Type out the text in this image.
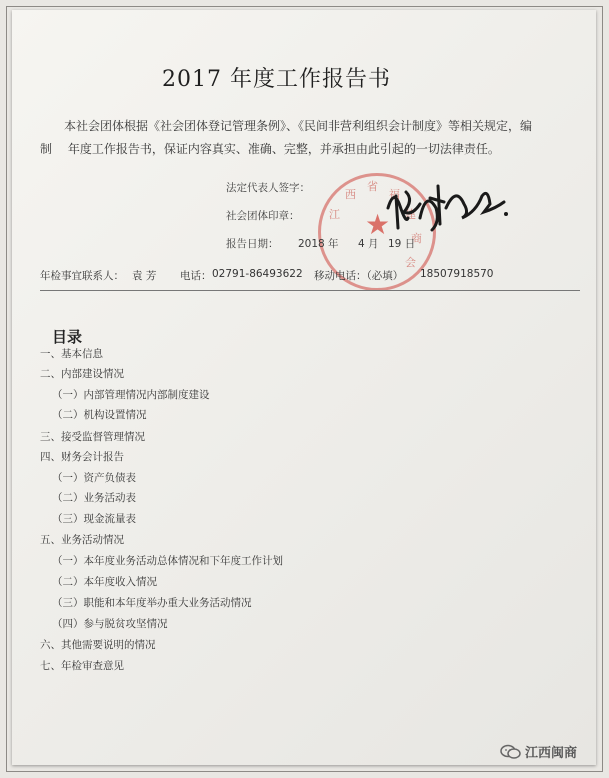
2017 年度工作报告书
本社会团体根据《社会团体登记管理条例》、《民间非营利组织会计制度》等相关规定，编
制　 年度工作报告书，保证内容真实、准确、完整，并承担由此引起的一切法律责任。
江
西
省
福
建
商
会
★
法定代表人签字：
社会团体印章：
报告日期： 2018 年 4 月 19 日
年检事宜联系人： 袁 芳 电话： 02791-86493622 移动电话：（必填） 18507918570
目录
一、基本信息
二、内部建设情况
（一）内部管理情况内部制度建设
（二）机构设置情况
三、接受监督管理情况
四、财务会计报告
（一）资产负债表
（二）业务活动表
（三）现金流量表
五、业务活动情况
（一）本年度业务活动总体情况和下年度工作计划
（二）本年度收入情况
（三）职能和本年度举办重大业务活动情况
（四）参与脱贫攻坚情况
六、其他需要说明的情况
七、年检审查意见
江西闽商
